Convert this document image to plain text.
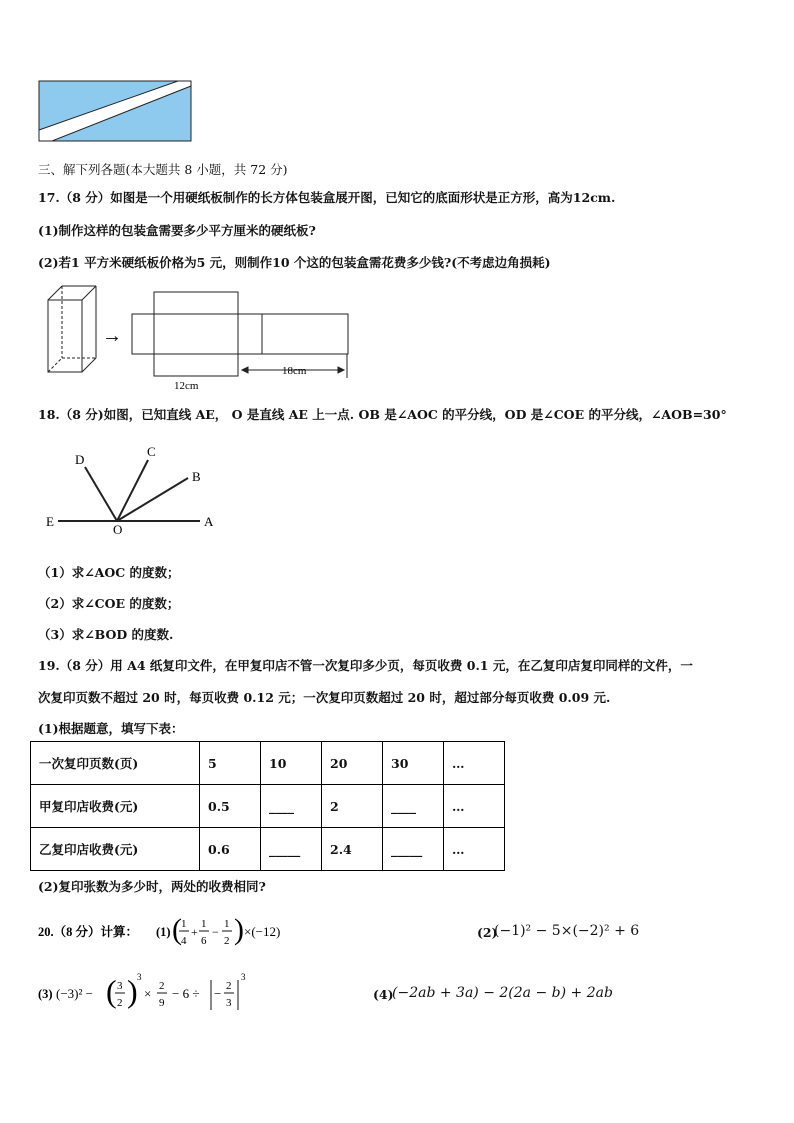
三、解下列各题(本大题共 8 小题，共 72 分)
17.（8 分）如图是一个用硬纸板制作的长方体包装盒展开图，已知它的底面形状是正方形，高为12cm.
(1)制作这样的包装盒需要多少平方厘米的硬纸板?
(2)若1 平方米硬纸板价格为5 元，则制作10 个这的包装盒需花费多少钱?(不考虑边角损耗)
→
12cm
18cm
18.（8 分)如图，已知直线 AE， O 是直线 AE 上一点. OB 是∠AOC 的平分线，OD 是∠COE 的平分线，∠AOB=30°
D
C
B
E
O
A
（1）求∠AOC 的度数；
（2）求∠COE 的度数；
（3）求∠BOD 的度数.
19.（8 分）用 A4 纸复印文件，在甲复印店不管一次复印多少页，每页收费 0.1 元，在乙复印店复印同样的文件，一
次复印页数不超过 20 时，每页收费 0.12 元；一次复印页数超过 20 时，超过部分每页收费 0.09 元.
(1)根据题意，填写下表：
一次复印页数(页)	5	10	20	30	…
甲复印店收费(元)	0.5	____	2	____	…
乙复印店收费(元)	0.6	_____	2.4	_____	…
(2)复印张数为多少时，两处的收费相同?
20.（8 分）计算： (1) ( 1
4
+
1
6
−
1
2 ) ×(−12)	(2)
(−1)² − 5×(−2)² + 6
(3) (−3)² − ( 3
2 ) 3
× 2
9
− 6 ÷ − 2
3
3
(4)
(−2ab + 3a) − 2(2a − b) + 2ab
